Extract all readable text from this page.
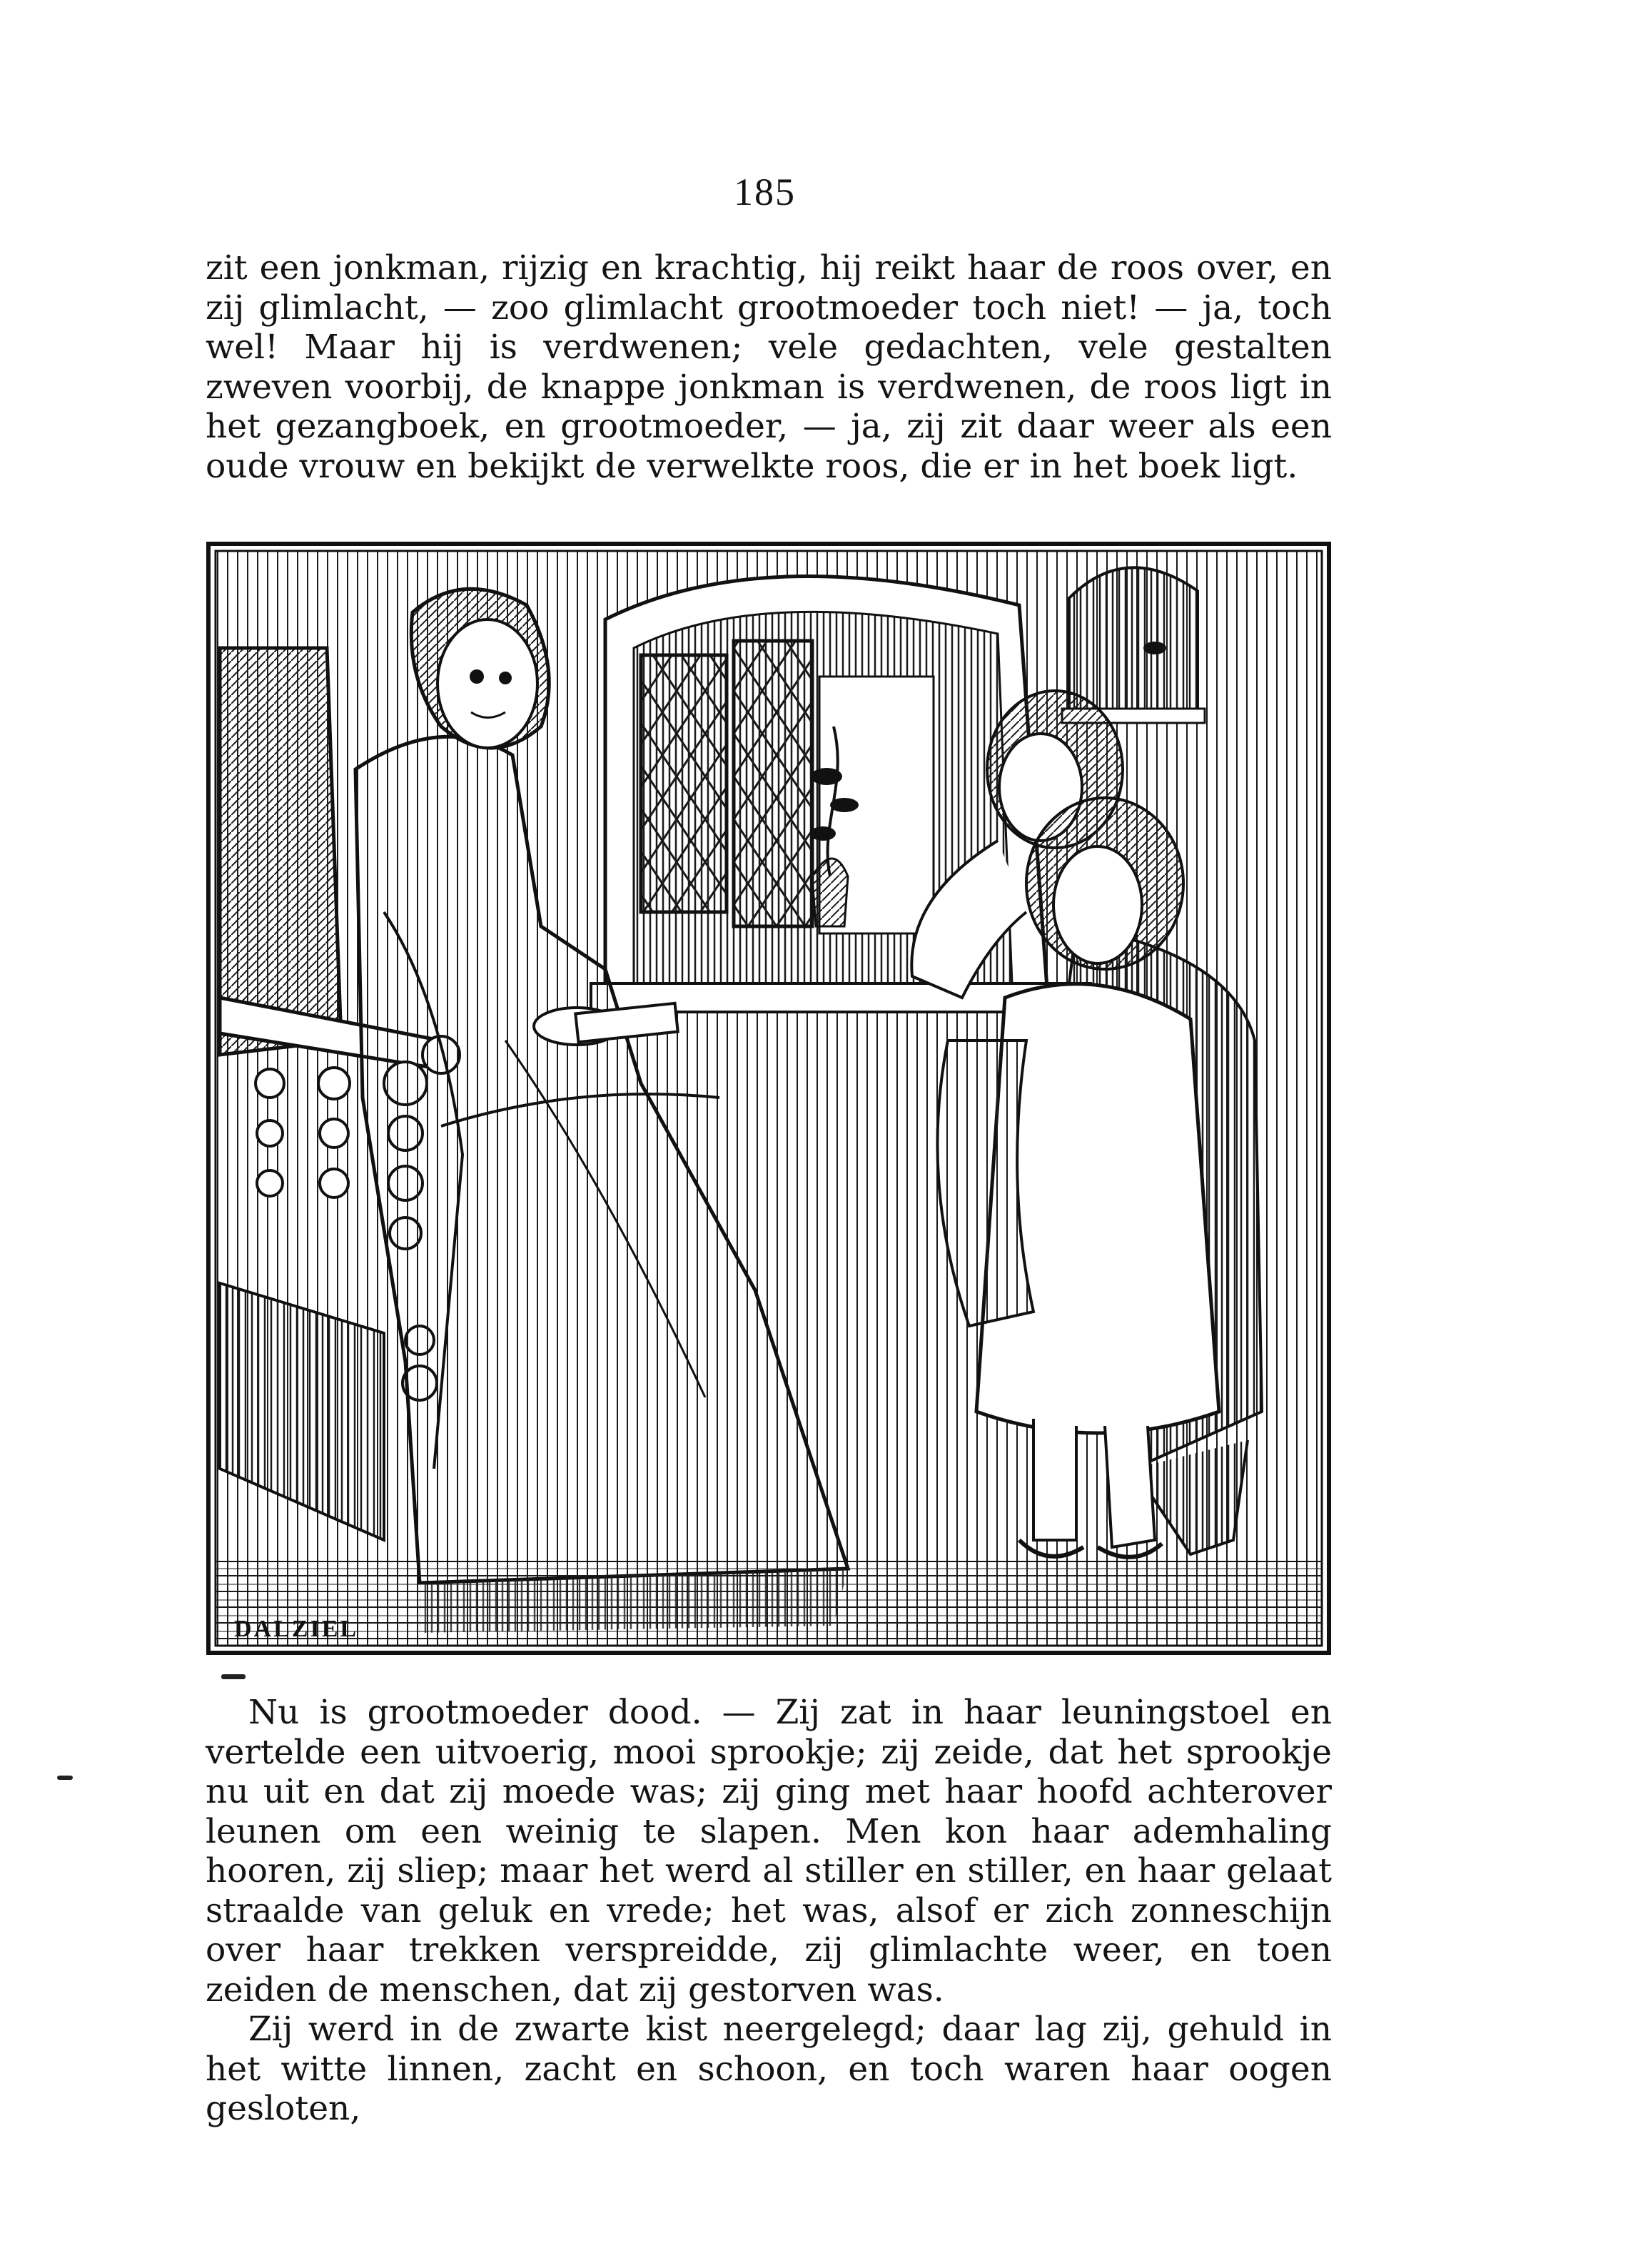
185

zit een jonkman, rijzig en krachtig, hij reikt haar de roos over, en zij glimlacht, — zoo glimlacht grootmoeder toch niet! — ja, toch wel! Maar hij is verdwenen; vele gedachten, vele gestalten zweven voorbij, de knappe jonkman is verdwenen, de roos ligt in het gezangboek, en grootmoeder, — ja, zij zit daar weer als een oude vrouw en bekijkt de verwelkte roos, die er in het boek ligt.

DALZIEL

Nu is grootmoeder dood. — Zij zat in haar leuningstoel en vertelde een uitvoerig, mooi sprookje; zij zeide, dat het sprookje nu uit en dat zij moede was; zij ging met haar hoofd achterover leunen om een weinig te slapen. Men kon haar ademhaling hooren, zij sliep; maar het werd al stiller en stiller, en haar gelaat straalde van geluk en vrede; het was, alsof er zich zonneschijn over haar trekken verspreidde, zij glimlachte weer, en toen zeiden de menschen, dat zij gestorven was.

Zij werd in de zwarte kist neergelegd; daar lag zij, gehuld in het witte linnen, zacht en schoon, en toch waren haar oogen gesloten,
